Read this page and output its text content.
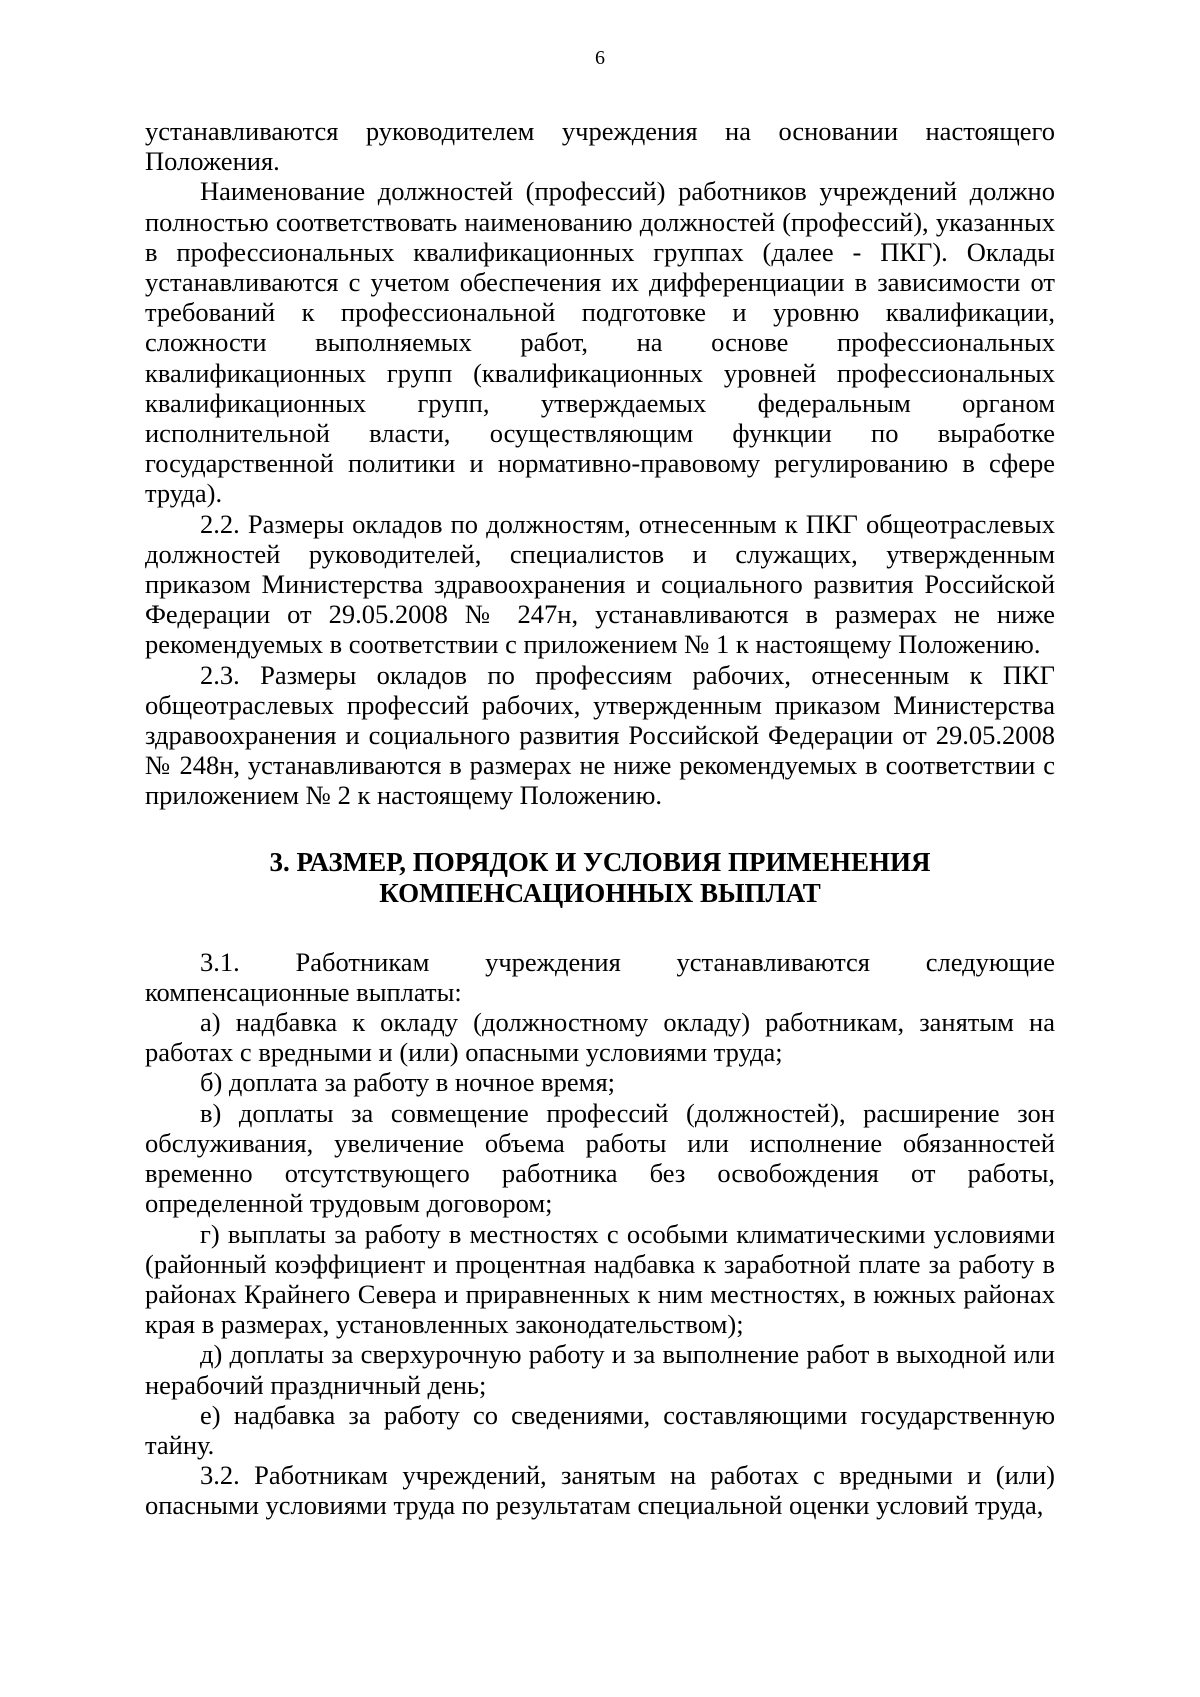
6

устанавливаются руководителем учреждения на основании настоящего Положения.

Наименование должностей (профессий) работников учреждений должно полностью соответствовать наименованию должностей (профессий), указанных в профессиональных квалификационных группах (далее - ПКГ). Оклады устанавливаются с учетом обеспечения их дифференциации в зависимости от требований к профессиональной подготовке и уровню квалификации, сложности выполняемых работ, на основе профессиональных квалификационных групп (квалификационных уровней профессиональных квалификационных групп, утверждаемых федеральным органом исполнительной власти, осуществляющим функции по выработке государственной политики и нормативно-правовому регулированию в сфере труда).

2.2. Размеры окладов по должностям, отнесенным к ПКГ общеотраслевых должностей руководителей, специалистов и служащих, утвержденным приказом Министерства здравоохранения и социального развития Российской Федерации от 29.05.2008 № 247н, устанавливаются в размерах не ниже рекомендуемых в соответствии с приложением № 1 к настоящему Положению.

2.3. Размеры окладов по профессиям рабочих, отнесенным к ПКГ общеотраслевых профессий рабочих, утвержденным приказом Министерства здравоохранения и социального развития Российской Федерации от 29.05.2008 № 248н, устанавливаются в размерах не ниже рекомендуемых в соответствии с приложением № 2 к настоящему Положению.

3. РАЗМЕР, ПОРЯДОК И УСЛОВИЯ ПРИМЕНЕНИЯ
КОМПЕНСАЦИОННЫХ ВЫПЛАТ

3.1. Работникам учреждения устанавливаются следующие компенсационные выплаты:

а) надбавка к окладу (должностному окладу) работникам, занятым на работах с вредными и (или) опасными условиями труда;

б) доплата за работу в ночное время;

в) доплаты за совмещение профессий (должностей), расширение зон обслуживания, увеличение объема работы или исполнение обязанностей временно отсутствующего работника без освобождения от работы, определенной трудовым договором;

г) выплаты за работу в местностях с особыми климатическими условиями (районный коэффициент и процентная надбавка к заработной плате за работу в районах Крайнего Севера и приравненных к ним местностях, в южных районах края в размерах, установленных законодательством);

д) доплаты за сверхурочную работу и за выполнение работ в выходной или нерабочий праздничный день;

е) надбавка за работу со сведениями, составляющими государственную тайну.

3.2. Работникам учреждений, занятым на работах с вредными и (или) опасными условиями труда по результатам специальной оценки условий труда,
